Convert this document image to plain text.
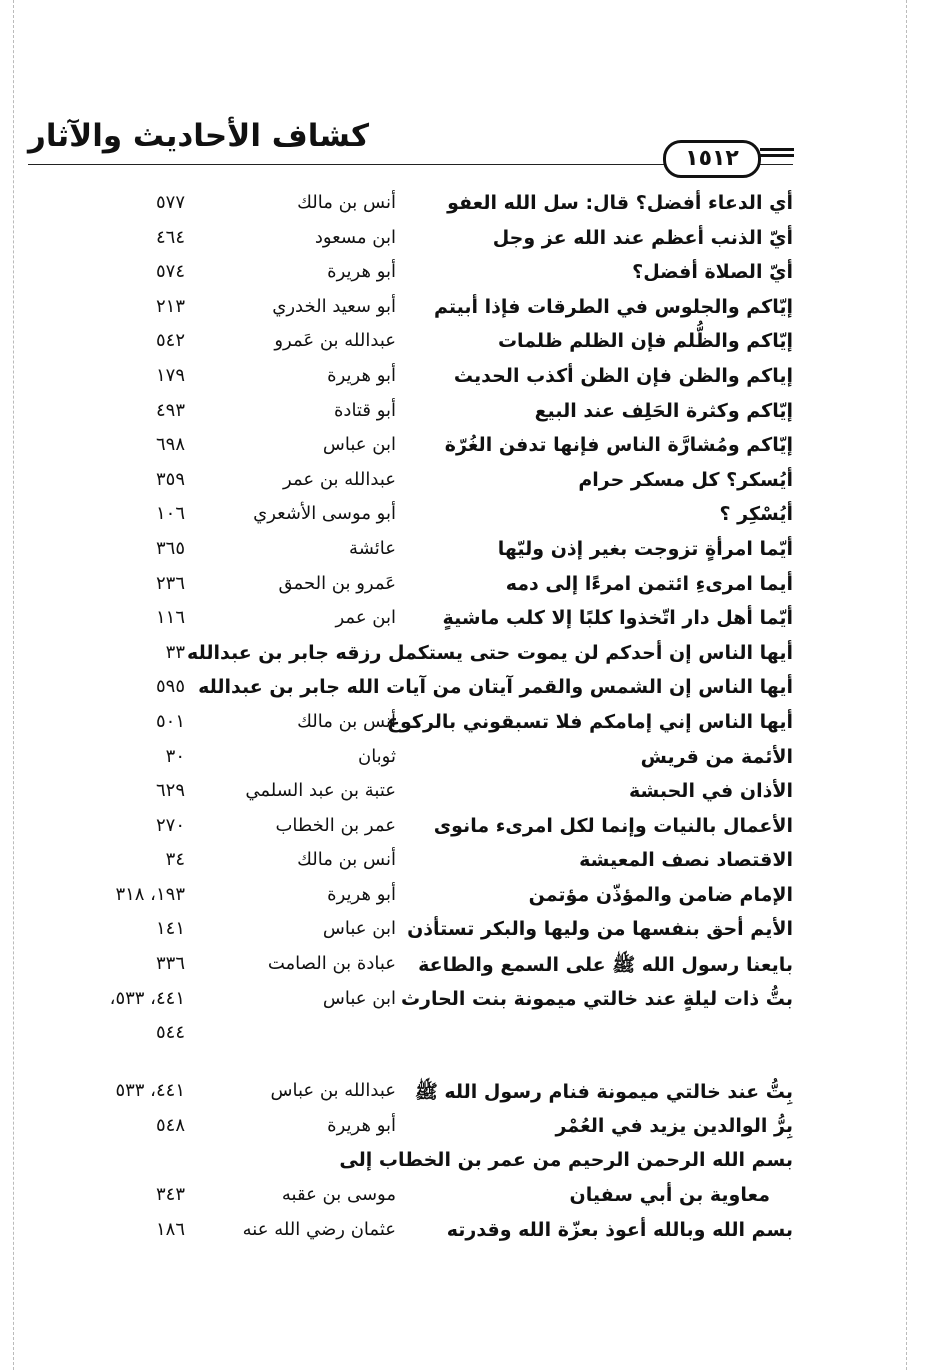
كشاف الأحاديث والآثار
١٥١٢
أي الدعاء أفضل؟ قال: سل الله العفو
أنس بن مالك
٥٧٧
أيّ الذنب أعظم عند الله عز وجل
ابن مسعود
٤٦٤
أيّ الصلاة أفضل؟
أبو هريرة
٥٧٤
إيّاكم والجلوس في الطرقات فإذا أبيتم
أبو سعيد الخدري
٢١٣
إيّاكم والظُّلم فإن الظلم ظلمات
عبدالله بن عَمرو
٥٤٢
إياكم والظن فإن الظن أكذب الحديث
أبو هريرة
١٧٩
إيّاكم وكثرة الحَلِف عند البيع
أبو قتادة
٤٩٣
إيّاكم ومُشارَّة الناس فإنها تدفن الغُرّة
ابن عباس
٦٩٨
أيُسكر؟ كل مسكر حرام
عبدالله بن عمر
٣٥٩
أيُسْكِر ؟
أبو موسى الأشعري
١٠٦
أيّما امرأةٍ تزوجت بغير إذن وليّها
عائشة
٣٦٥
أيما امرىءِ ائتمن امرءًا إلى دمه
عَمرو بن الحمق
٢٣٦
أيّما أهل دار اتّخذوا كلبًا إلا كلب ماشيةٍ
ابن عمر
١١٦
أيها الناس إن أحدكم لن يموت حتى يستكمل رزقه جابر بن عبدالله
٣٣
أيها الناس إن الشمس والقمر آيتان من آيات الله جابر بن عبدالله
٥٩٥
أيها الناس إني إمامكم فلا تسبقوني بالركوع
أنس بن مالك
٥٠١
الأئمة من قريش
ثوبان
٣٠
الأذان في الحبشة
عتبة بن عبد السلمي
٦٢٩
الأعمال بالنيات وإنما لكل امرىء مانوى
عمر بن الخطاب
٢٧٠
الاقتصاد نصف المعيشة
أنس بن مالك
٣٤
الإمام ضامن والمؤذّن مؤتمن
أبو هريرة
١٩٣، ٣١٨
الأيم أحق بنفسها من وليها والبكر تستأذن
ابن عباس
١٤١
بايعنا رسول الله ﷺ على السمع والطاعة
عبادة بن الصامت
٣٣٦
بتُّ ذات ليلةٍ عند خالتي ميمونة بنت الحارث
ابن عباس
٤٤١، ٥٣٣،
٥٤٤
بِتُّ عند خالتي ميمونة فنام رسول الله ﷺ
عبدالله بن عباس
٤٤١، ٥٣٣
بِرُّ الوالدين يزيد في العُمْر
أبو هريرة
٥٤٨
بسم الله الرحمن الرحيم من عمر بن الخطاب إلى
معاوية بن أبي سفيان
موسى بن عقبه
٣٤٣
بسم الله وبالله أعوذ بعزّة الله وقدرته
عثمان رضي الله عنه
١٨٦
